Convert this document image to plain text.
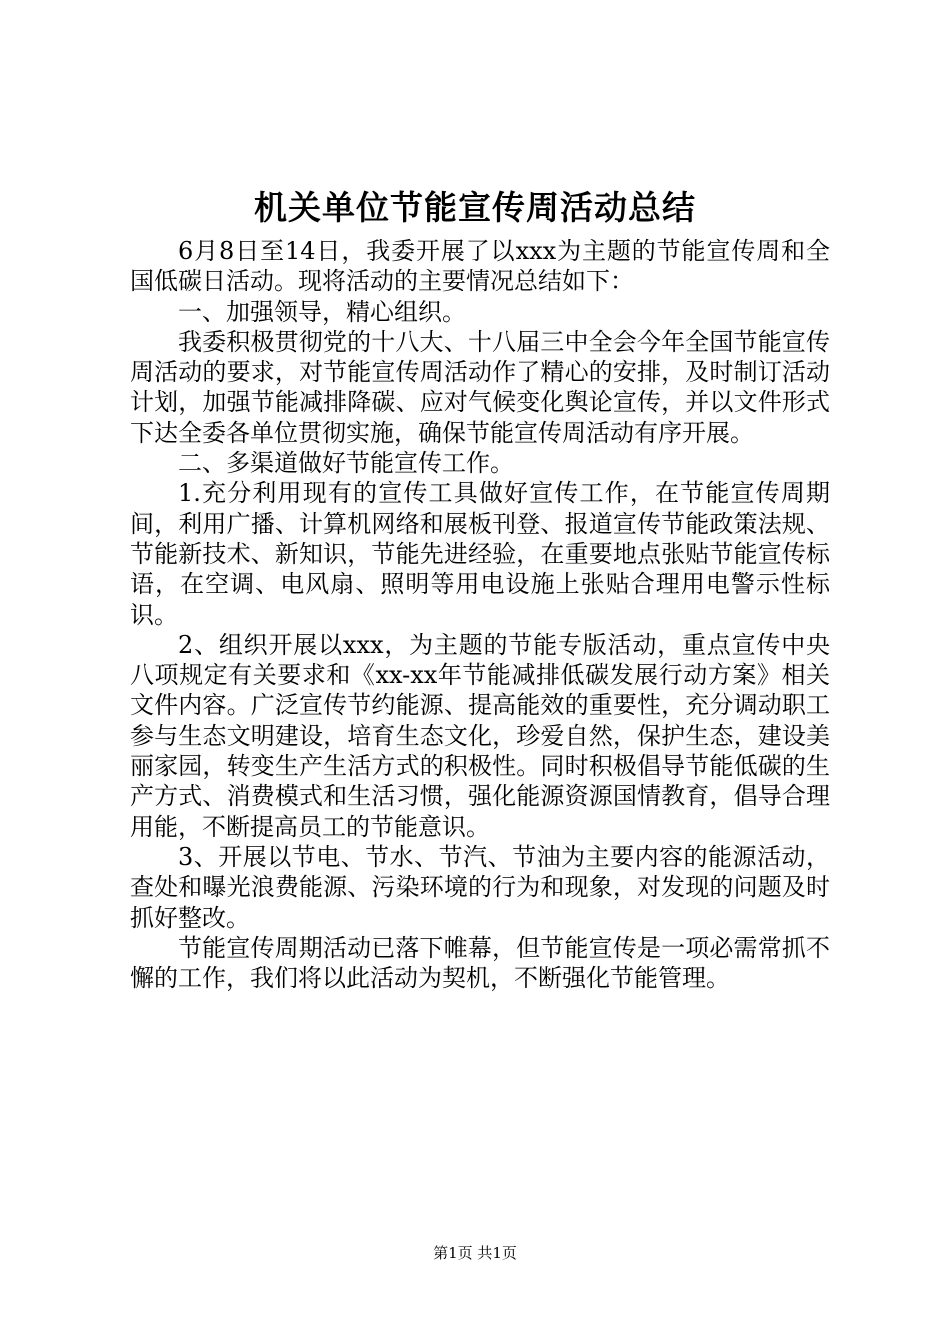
机关单位节能宣传周活动总结

6月8日至14日，我委开展了以xxx为主题的节能宣传周和全国低碳日活动。现将活动的主要情况总结如下：

一、加强领导，精心组织。

我委积极贯彻党的十八大、十八届三中全会今年全国节能宣传周活动的要求，对节能宣传周活动作了精心的安排，及时制订活动计划，加强节能减排降碳、应对气候变化舆论宣传，并以文件形式下达全委各单位贯彻实施，确保节能宣传周活动有序开展。

二、多渠道做好节能宣传工作。

1.充分利用现有的宣传工具做好宣传工作，在节能宣传周期间，利用广播、计算机网络和展板刊登、报道宣传节能政策法规、节能新技术、新知识，节能先进经验，在重要地点张贴节能宣传标语，在空调、电风扇、照明等用电设施上张贴合理用电警示性标识。

2、组织开展以xxx，为主题的节能专版活动，重点宣传中央八项规定有关要求和《xx-xx年节能减排低碳发展行动方案》相关文件内容。广泛宣传节约能源、提高能效的重要性，充分调动职工参与生态文明建设，培育生态文化，珍爱自然，保护生态，建设美丽家园，转变生产生活方式的积极性。同时积极倡导节能低碳的生产方式、消费模式和生活习惯，强化能源资源国情教育，倡导合理用能，不断提高员工的节能意识。

3、开展以节电、节水、节汽、节油为主要内容的能源活动，查处和曝光浪费能源、污染环境的行为和现象，对发现的问题及时抓好整改。

节能宣传周期活动已落下帷幕，但节能宣传是一项必需常抓不懈的工作，我们将以此活动为契机，不断强化节能管理。

第1页 共1页
